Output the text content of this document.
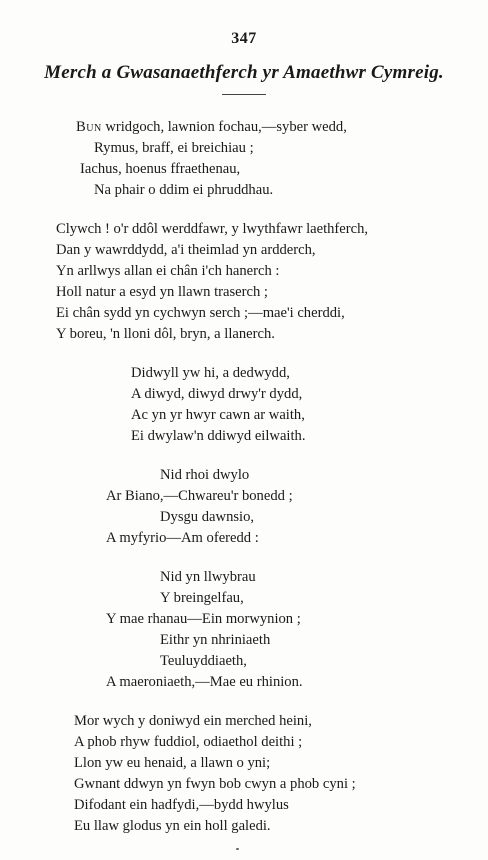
347
Merch a Gwasanaethferch yr Amaethwr Cymreig.
Bun wridgoch, lawnion fochau,—syber wedd,
Rymus, braff, ei breichiau ;
Iachus, hoenus ffraethenau,
Na phair o ddim ei phruddhau.
Clywch ! o'r ddôl werddfawr, y lwythfawr laethferch,
Dan y wawrddydd, a'i theimlad yn ardderch,
Yn arllwys allan ei chân i'ch hanerch :
Holl natur a esyd yn llawn traserch ;
Ei chân sydd yn cychwyn serch ;—mae'i cherddi,
Y boreu, 'n lloni dôl, bryn, a llanerch.
Didwyll yw hi, a dedwydd,
A diwyd, diwyd drwy'r dydd,
Ac yn yr hwyr cawn ar waith,
Ei dwylaw'n ddiwyd eilwaith.
Nid rhoi dwylo
Ar Biano,—Chwareu'r bonedd ;
Dysgu dawnsio,
A myfyrio—Am oferedd :
Nid yn llwybrau
Y breingelfau,
Y mae rhanau—Ein morwynion ;
Eithr yn nhriniaeth
Teuluyddiaeth,
A maeroniaeth,—Mae eu rhinion.
Mor wych y doniwyd ein merched heini,
A phob rhyw fuddiol, odiaethol deithi ;
Llon yw eu henaid, a llawn o yni;
Gwnant ddwyn yn fwyn bob cwyn a phob cyni ;
Difodant ein hadfydi,—bydd hwylus
Eu llaw glodus yn ein holl galedi.
